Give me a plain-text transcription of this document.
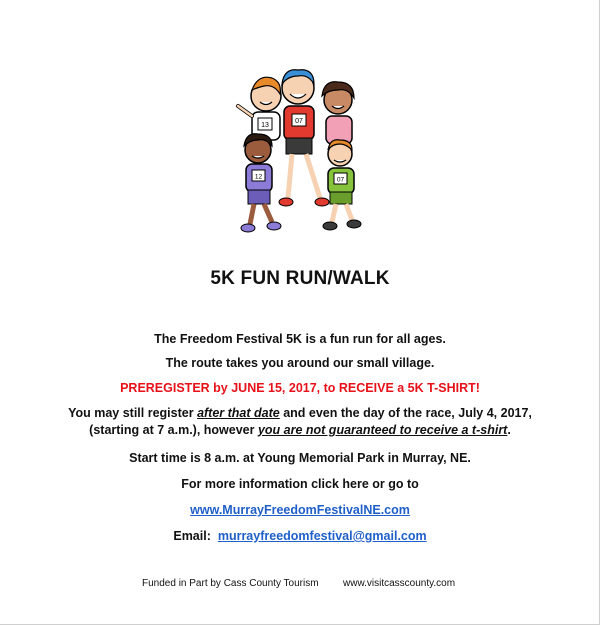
13
07
12	07
5K FUN RUN/WALK
The Freedom Festival 5K is a fun run for all ages.
The route takes you around our small village.
PREREGISTER by JUNE 15, 2017, to RECEIVE a 5K T-SHIRT!
You may still register after that date and even the day of the race, July 4, 2017,
(starting at 7 a.m.), however you are not guaranteed to receive a t-shirt.
Start time is 8 a.m. at Young Memorial Park in Murray, NE.
For more information click here or go to
www.MurrayFreedomFestivalNE.com
Email: murrayfreedomfestival@gmail.com
Funded in Part by Cass County Tourism www.visitcasscounty.com
